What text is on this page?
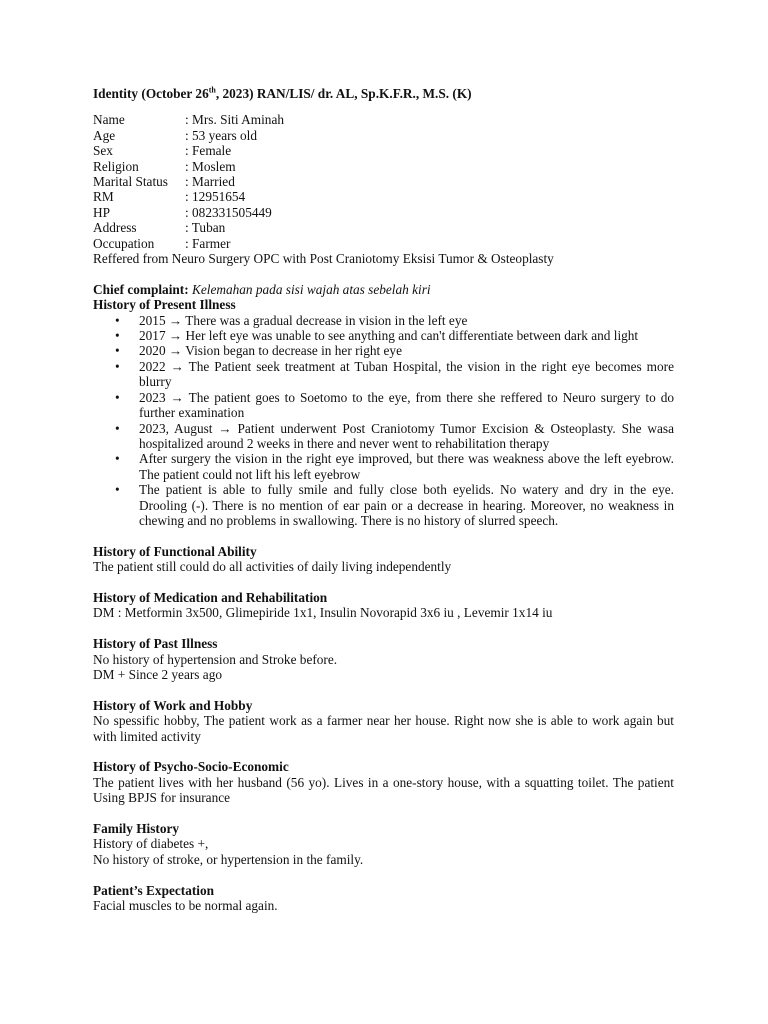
Identity (October 26th, 2023) RAN/LIS/ dr. AL, Sp.K.F.R., M.S. (K)
Name	: Mrs. Siti Aminah
Age	: 53 years old
Sex	: Female
Religion	: Moslem
Marital Status	: Married
RM	: 12951654
HP	: 082331505449
Address	: Tuban
Occupation	: Farmer

Reffered from Neuro Surgery OPC with Post Craniotomy Eksisi Tumor & Osteoplasty

Chief complaint: Kelemahan pada sisi wajah atas sebelah kiri

History of Present Illness

• 2015 → There was a gradual decrease in vision in the left eye
• 2017 → Her left eye was unable to see anything and can't differentiate between dark and light
• 2020 → Vision began to decrease in her right eye
• 2022 → The Patient seek treatment at Tuban Hospital, the vision in the right eye becomes more blurry
• 2023 → The patient goes to Soetomo to the eye, from there she reffered to Neuro surgery to do further examination
• 2023, August → Patient underwent Post Craniotomy Tumor Excision & Osteoplasty. She wasa hospitalized around 2 weeks in there and never went to rehabilitation therapy
• After surgery the vision in the right eye improved, but there was weakness above the left eyebrow. The patient could not lift his left eyebrow
• The patient is able to fully smile and fully close both eyelids. No watery and dry in the eye. Drooling (-). There is no mention of ear pain or a decrease in hearing. Moreover, no weakness in chewing and no problems in swallowing. There is no history of slurred speech.

History of Functional Ability

The patient still could do all activities of daily living independently

History of Medication and Rehabilitation

DM : Metformin 3x500, Glimepiride 1x1, Insulin Novorapid 3x6 iu , Levemir 1x14 iu

History of Past Illness

No history of hypertension and Stroke before.

DM + Since 2 years ago

History of Work and Hobby

No spessific hobby, The patient work as a farmer near her house. Right now she is able to work again but with limited activity

History of Psycho-Socio-Economic

The patient lives with her husband (56 yo). Lives in a one-story house, with a squatting toilet. The patient Using BPJS for insurance

Family History

History of diabetes +,

No history of stroke, or hypertension in the family.

Patient’s Expectation

Facial muscles to be normal again.
